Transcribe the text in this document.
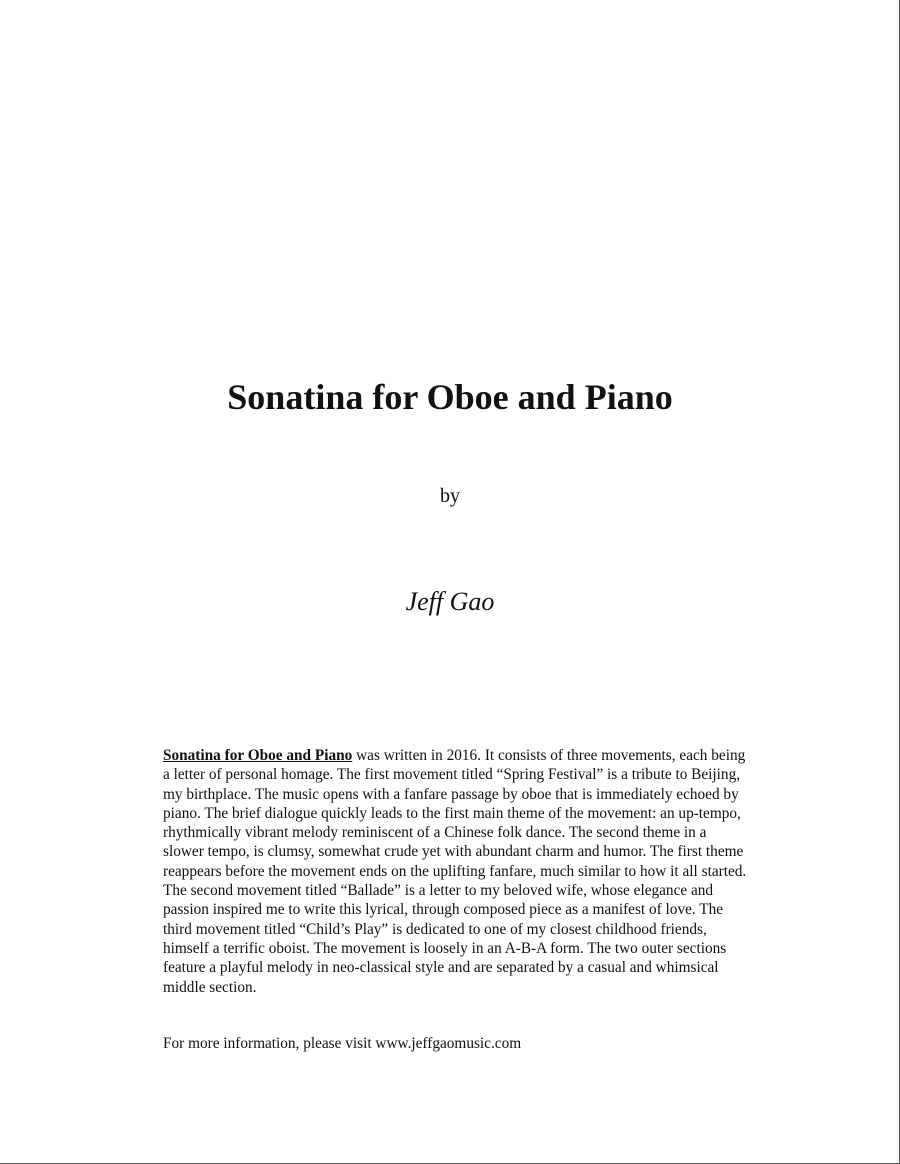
Sonatina for Oboe and Piano

by

Jeff Gao

Sonatina for Oboe and Piano was written in 2016. It consists of three movements, each being a letter of personal homage. The first movement titled “Spring Festival” is a tribute to Beijing, my birthplace. The music opens with a fanfare passage by oboe that is immediately echoed by piano. The brief dialogue quickly leads to the first main theme of the movement: an up-tempo, rhythmically vibrant melody reminiscent of a Chinese folk dance. The second theme in a slower tempo, is clumsy, somewhat crude yet with abundant charm and humor. The first theme reappears before the movement ends on the uplifting fanfare, much similar to how it all started. The second movement titled “Ballade” is a letter to my beloved wife, whose elegance and passion inspired me to write this lyrical, through composed piece as a manifest of love. The third movement titled “Child’s Play” is dedicated to one of my closest childhood friends, himself a terrific oboist. The movement is loosely in an A-B-A form. The two outer sections feature a playful melody in neo-classical style and are separated by a casual and whimsical middle section.

For more information, please visit www.jeffgaomusic.com
